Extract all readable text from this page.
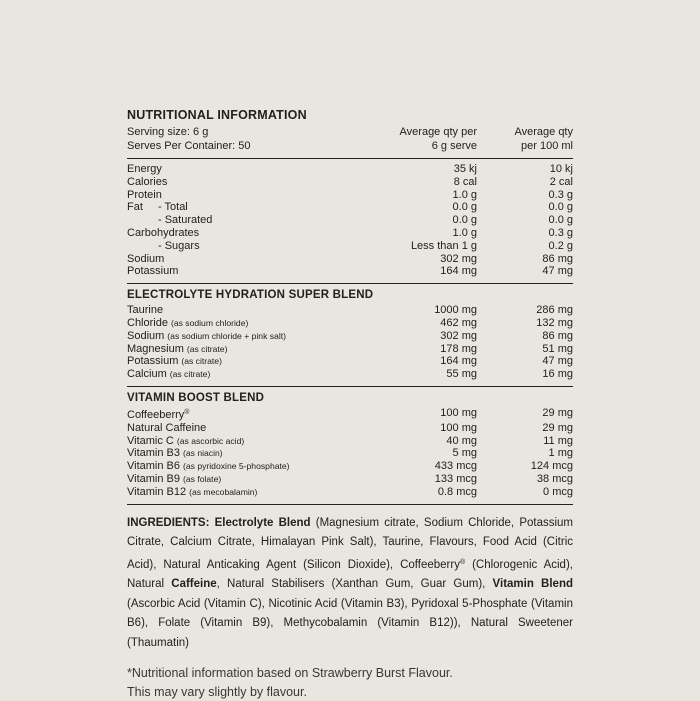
NUTRITIONAL INFORMATION
Serving size: 6 g
Serves Per Container: 50
Average qty per
6 g serve
Average qty
per 100 ml
Energy	35 kj	10 kj
Calories	8 cal	2 cal
Protein	1.0 g	0.3 g
Fat - Total	0.0 g	0.0 g
- Saturated	0.0 g	0.0 g
Carbohydrates	1.0 g	0.3 g
- Sugars	Less than 1 g	0.2 g
Sodium	302 mg	86 mg
Potassium	164 mg	47 mg
ELECTROLYTE HYDRATION SUPER BLEND
Taurine	1000 mg	286 mg
Chloride (as sodium chloride)	462 mg	132 mg
Sodium (as sodium chloride + pink salt)	302 mg	86 mg
Magnesium (as citrate)	178 mg	51 mg
Potassium (as citrate)	164 mg	47 mg
Calcium (as citrate)	55 mg	16 mg
VITAMIN BOOST BLEND
Coffeeberry®	100 mg	29 mg
Natural Caffeine	100 mg	29 mg
Vitamic C (as ascorbic acid)	40 mg	11 mg
Vitamin B3 (as niacin)	5 mg	1 mg
Vitamin B6 (as pyridoxine 5-phosphate)	433 mcg	124 mcg
Vitamin B9 (as folate)	133 mcg	38 mcg
Vitamin B12 (as mecobalamin)	0.8 mcg	0 mcg

INGREDIENTS: Electrolyte Blend (Magnesium citrate, Sodium Chloride, Potassium Citrate, Calcium Citrate, Himalayan Pink Salt), Taurine, Flavours, Food Acid (Citric Acid), Natural Anticaking Agent (Silicon Dioxide), Coffeeberry® (Chlorogenic Acid), Natural Caffeine, Natural Stabilisers (Xanthan Gum, Guar Gum), Vitamin Blend (Ascorbic Acid (Vitamin C), Nicotinic Acid (Vitamin B3), Pyridoxal 5-Phosphate (Vitamin B6), Folate (Vitamin B9), Methycobalamin (Vitamin B12)), Natural Sweetener (Thaumatin)

*Nutritional information based on Strawberry Burst Flavour.
This may vary slightly by flavour.
